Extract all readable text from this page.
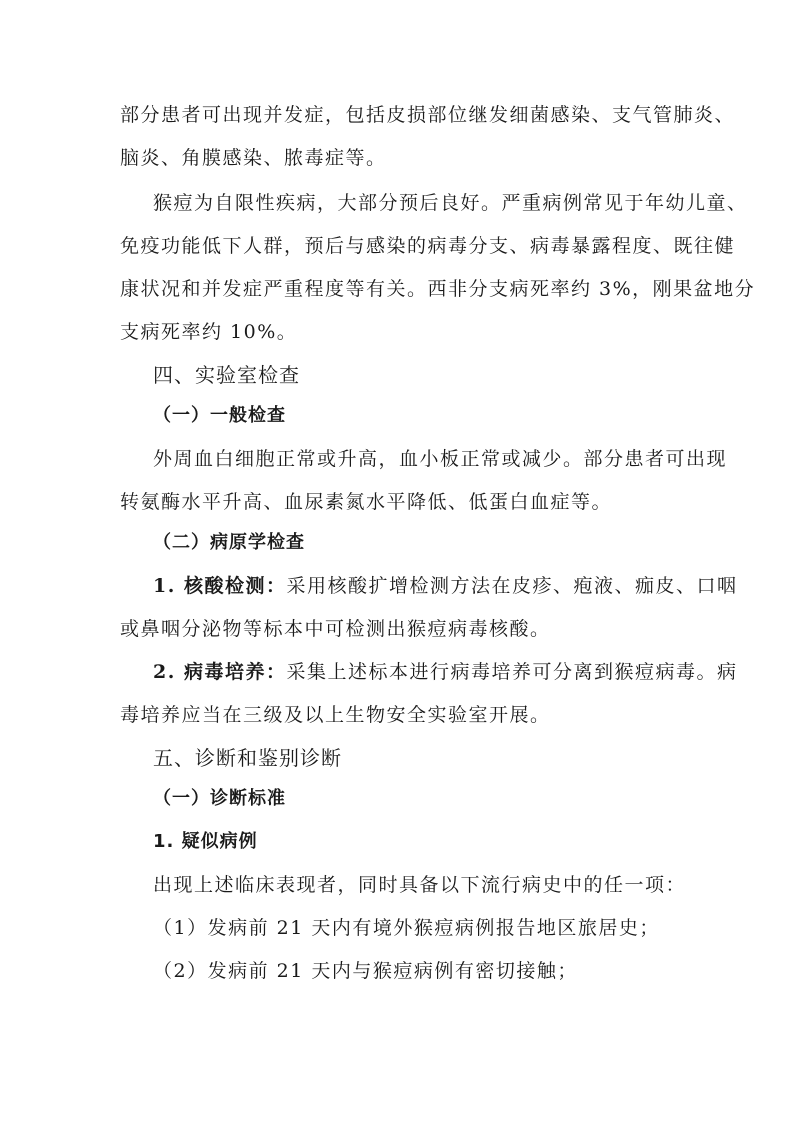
部分患者可出现并发症，包括皮损部位继发细菌感染、支气管肺炎、
脑炎、角膜感染、脓毒症等。
猴痘为自限性疾病，大部分预后良好。严重病例常见于年幼儿童、
免疫功能低下人群，预后与感染的病毒分支、病毒暴露程度、既往健
康状况和并发症严重程度等有关。西非分支病死率约 3%，刚果盆地分
支病死率约 10%。
四、实验室检查
（一）一般检查
外周血白细胞正常或升高，血小板正常或减少。部分患者可出现
转氨酶水平升高、血尿素氮水平降低、低蛋白血症等。
（二）病原学检查
1. 核酸检测：采用核酸扩增检测方法在皮疹、疱液、痂皮、口咽
或鼻咽分泌物等标本中可检测出猴痘病毒核酸。
2. 病毒培养：采集上述标本进行病毒培养可分离到猴痘病毒。病
毒培养应当在三级及以上生物安全实验室开展。
五、诊断和鉴别诊断
（一）诊断标准
1. 疑似病例
出现上述临床表现者，同时具备以下流行病史中的任一项：
（1）发病前 21 天内有境外猴痘病例报告地区旅居史；
（2）发病前 21 天内与猴痘病例有密切接触；
